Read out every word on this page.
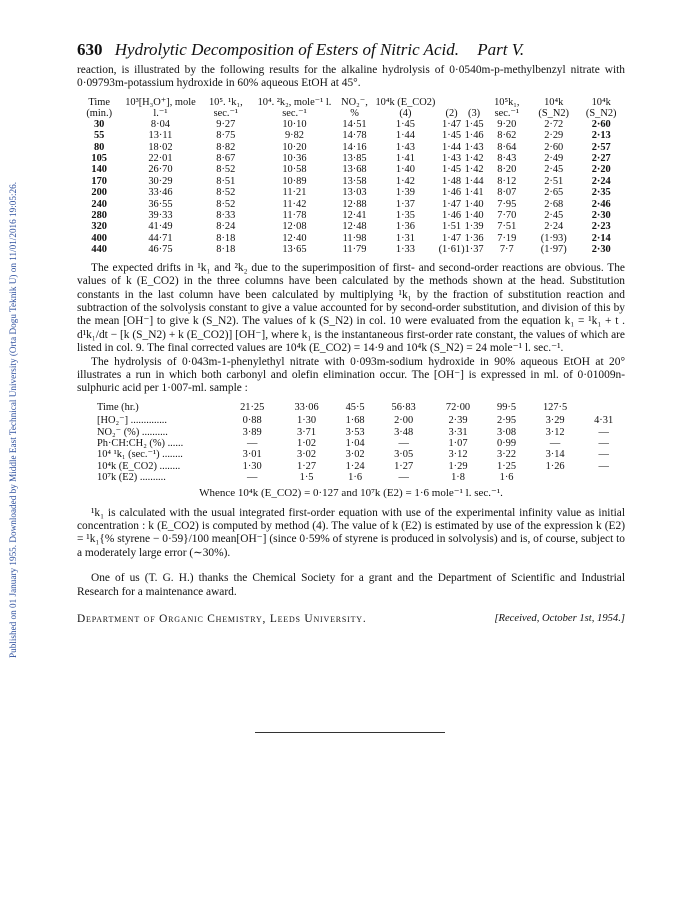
Published on 01 January 1955. Downloaded by Middle East Technical University (Orta Dogu Teknik U) on 11/01/2016 19:05:26.
630 Hydrolytic Decomposition of Esters of Nitric Acid. Part V.

reaction, is illustrated by the following results for the alkaline hydrolysis of 0·0540m-p-methylbenzyl nitrate with 0·09793m-potassium hydroxide in 60% aqueous EtOH at 45°.

Time (min.)	10³[H₃O⁺], mole l.⁻¹	10⁵. ¹k₁, sec.⁻¹	10⁴. ²k₂, mole⁻¹ l. sec.⁻¹	NO₂⁻, %	10⁴k (E_CO2) (4)	(2)	(3)	10⁵k₁, sec.⁻¹	10⁴k (S_N2)	10⁴k (S_N2)
30	8·04	9·27	10·10	14·51	1·45	1·47	1·45	9·20	2·72	2·60
55	13·11	8·75	9·82	14·78	1·44	1·45	1·46	8·62	2·29	2·13
80	18·02	8·82	10·20	14·16	1·43	1·44	1·43	8·64	2·60	2·57
105	22·01	8·67	10·36	13·85	1·41	1·43	1·42	8·43	2·49	2·27
140	26·70	8·52	10·58	13·68	1·40	1·45	1·42	8·20	2·45	2·20
170	30·29	8·51	10·89	13·58	1·42	1·48	1·44	8·12	2·51	2·24
200	33·46	8·52	11·21	13·03	1·39	1·46	1·41	8·07	2·65	2·35
240	36·55	8·52	11·42	12·88	1·37	1·47	1·40	7·95	2·68	2·46
280	39·33	8·33	11·78	12·41	1·35	1·46	1·40	7·70	2·45	2·30
320	41·49	8·24	12·08	12·48	1·36	1·51	1·39	7·51	2·24	2·23
400	44·71	8·18	12·40	11·98	1·31	1·47	1·36	7·19	(1·93)	2·14
440	46·75	8·18	13·65	11·79	1·33	(1·61)	1·37	7·7	(1·97)	2·30

The expected drifts in ¹k₁ and ²k₂ due to the superimposition of first- and second-order reactions are obvious. The values of k (E_CO2) in the three columns have been calculated by the methods shown at the head. Substitution constants in the last column have been calculated by multiplying ¹k₁ by the fraction of substitution reaction and subtraction of the solvolysis constant to give a value accounted for by second-order substitution, and division of this by the mean [OH⁻] to give k (S_N2). The values of k (S_N2) in col. 10 were evaluated from the equation k₁ = ¹k₁ + t . d¹k₁/dt − [k (S_N2) + k (E_CO2)] [OH⁻], where k₁ is the instantaneous first-order rate constant, the values of which are listed in col. 9. The final corrected values are 10⁴k (E_CO2) = 14·9 and 10⁴k (S_N2) = 24 mole⁻¹ l. sec.⁻¹.

The hydrolysis of 0·043m-1-phenylethyl nitrate with 0·093m-sodium hydroxide in 90% aqueous EtOH at 20° illustrates a run in which both carbonyl and olefin elimination occur. The [OH⁻] is expressed in ml. of 0·01009n-sulphuric acid per 1·007-ml. sample :

Time (hr.)	21·25	33·06	45·5	56·83	72·00	99·5	127·5	
[HO₂⁻] ..............	0·88	1·30	1·68	2·00	2·39	2·95	3·29	4·31
NO₂⁻ (%) ..........	3·89	3·71	3·53	3·48	3·31	3·08	3·12	—
Ph·CH:CH₂ (%) ......	—	1·02	1·04	—	1·07	0·99	—	—
10⁴ ¹k₁ (sec.⁻¹) ........	3·01	3·02	3·02	3·05	3·12	3·22	3·14	—
10⁴k (E_CO2) ........	1·30	1·27	1·24	1·27	1·29	1·25	1·26	—
10⁷k (E2) ..........	—	1·5	1·6	—	1·8	1·6		
Whence 10⁴k (E_CO2) = 0·127 and 10⁷k (E2) = 1·6 mole⁻¹ l. sec.⁻¹.

¹k₁ is calculated with the usual integrated first-order equation with use of the experimental infinity value as initial concentration : k (E_CO2) is computed by method (4). The value of k (E2) is estimated by use of the expression k (E2) = ¹k₁{% styrene − 0·59}/100 mean[OH⁻] (since 0·59% of styrene is produced in solvolysis) and is, of course, subject to a moderately large error (∼30%).

One of us (T. G. H.) thanks the Chemical Society for a grant and the Department of Scientific and Industrial Research for a maintenance award.

Department of Organic Chemistry, Leeds University.	[Received, October 1st, 1954.]
